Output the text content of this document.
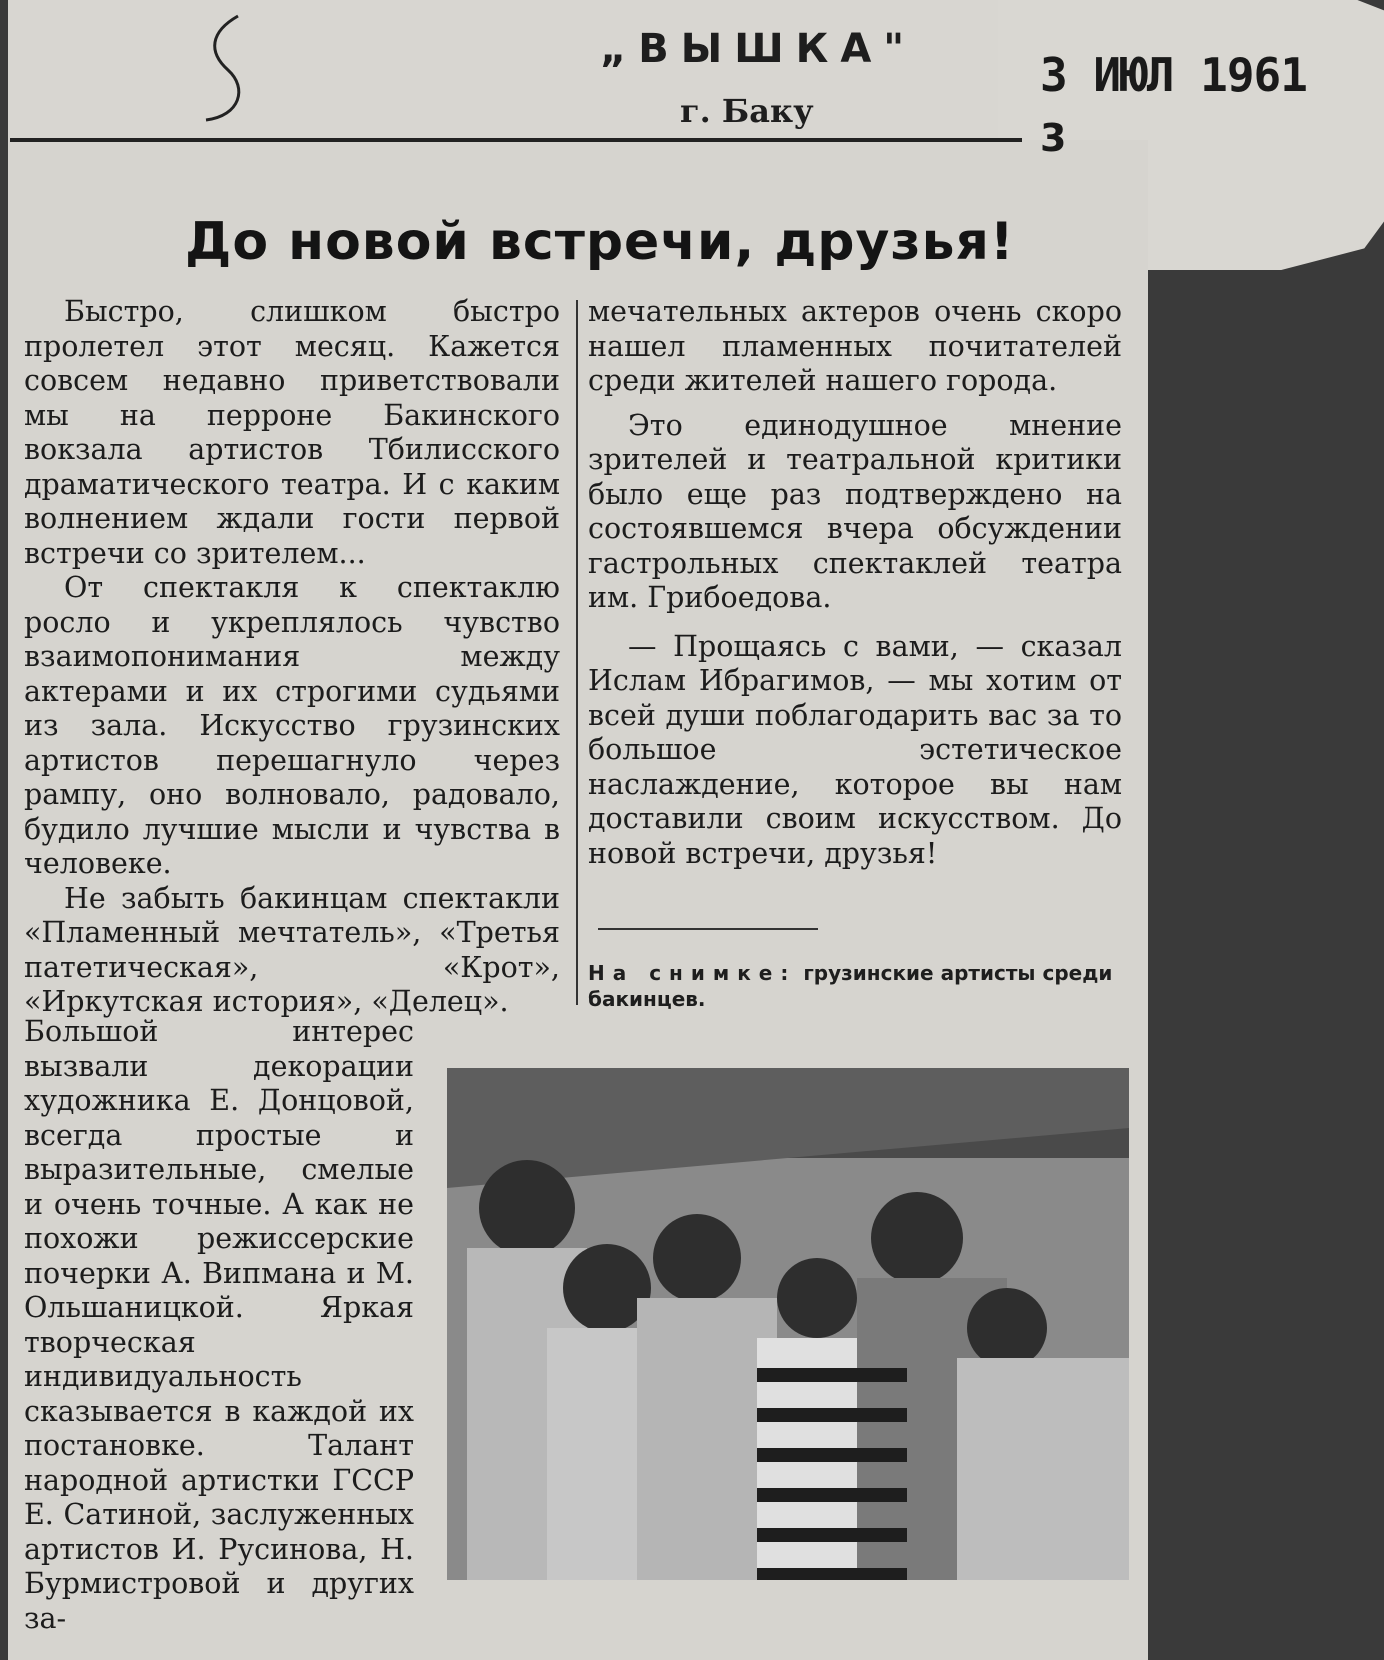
„ВЫШКА"
г. Баку
3 ИЮЛ 1961
3
До новой встречи, друзья!

Быстро, слишком быстро пролетел этот месяц. Кажется совсем недавно приветствовали мы на перроне Бакинского вокзала артистов Тбилисского драматического театра. И с каким волнением ждали гости первой встречи со зрителем...

От спектакля к спектаклю росло и укреплялось чувство взаимопонимания между актерами и их строгими судьями из зала. Искусство грузинских артистов перешагнуло через рампу, оно волновало, радовало, будило лучшие мысли и чувства в человеке.

Не забыть бакинцам спектакли «Пламенный мечтатель», «Третья патетическая», «Крот», «Иркутская история», «Делец».

Большой интерес вызвали декорации художника Е. Донцовой, всегда простые и выразительные, смелые и очень точные. А как не похожи режиссерские почерки А. Випмана и М. Ольшаницкой. Яркая творческая индивидуальность сказывается в каждой их постановке. Талант народной артистки ГССР Е. Сатиной, заслуженных артистов И. Русинова, Н. Бурмистровой и других за-

мечательных актеров очень скоро нашел пламенных почитателей среди жителей нашего города.

Это единодушное мнение зрителей и театральной критики было еще раз подтверждено на состоявшемся вчера обсуждении гастрольных спектаклей театра им. Грибоедова.

— Прощаясь с вами, — сказал Ислам Ибрагимов, — мы хотим от всей души поблагодарить вас за то большое эстетическое наслаждение, которое вы нам доставили своим искусством. До новой встречи, друзья!

На снимке: грузинские артисты среди бакинцев.
